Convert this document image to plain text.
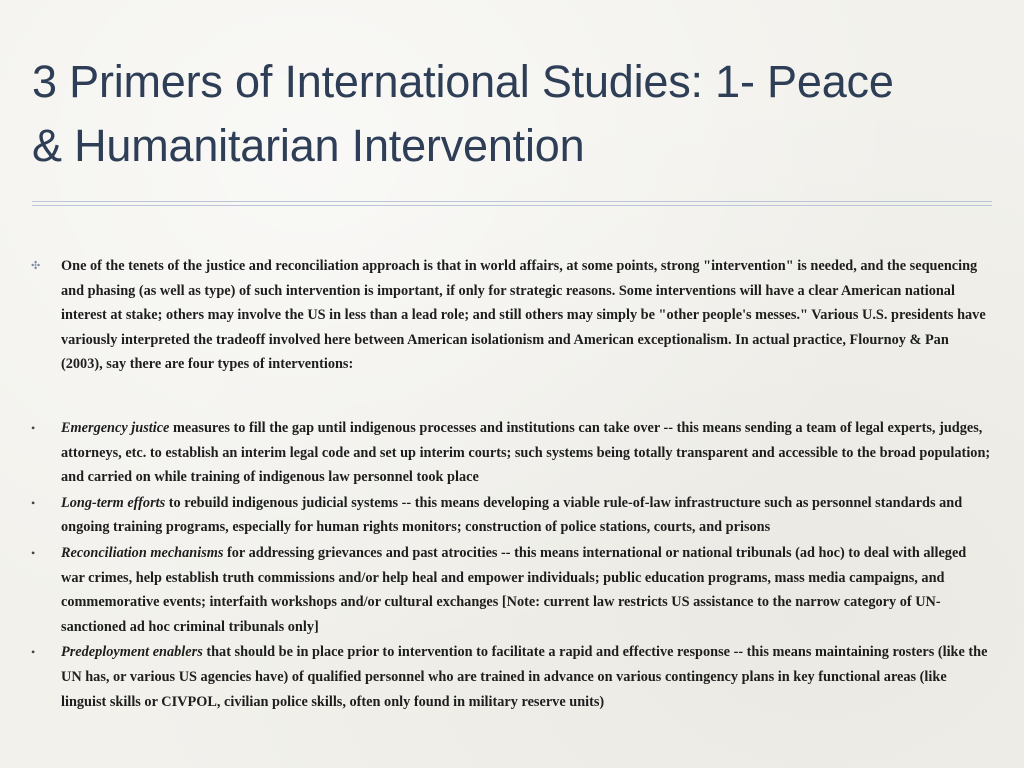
3 Primers of International Studies: 1- Peace
& Humanitarian Intervention

✣ One of the tenets of the justice and reconciliation approach is that in world affairs, at some points, strong "intervention" is needed, and the sequencing and phasing (as well as type) of such intervention is important, if only for strategic reasons. Some interventions will have a clear American national interest at stake; others may involve the US in less than a lead role; and still others may simply be "other people's messes." Various U.S. presidents have variously interpreted the tradeoff involved here between American isolationism and American exceptionalism. In actual practice, Flournoy & Pan (2003), say there are four types of interventions:

• Emergency justice measures to fill the gap until indigenous processes and institutions can take over -- this means sending a team of legal experts, judges, attorneys, etc. to establish an interim legal code and set up interim courts; such systems being totally transparent and accessible to the broad population; and carried on while training of indigenous law personnel took place
• Long-term efforts to rebuild indigenous judicial systems -- this means developing a viable rule-of-law infrastructure such as personnel standards and ongoing training programs, especially for human rights monitors; construction of police stations, courts, and prisons
• Reconciliation mechanisms for addressing grievances and past atrocities -- this means international or national tribunals (ad hoc) to deal with alleged war crimes, help establish truth commissions and/or help heal and empower individuals; public education programs, mass media campaigns, and commemorative events; interfaith workshops and/or cultural exchanges [Note: current law restricts US assistance to the narrow category of UN-sanctioned ad hoc criminal tribunals only]
• Predeployment enablers that should be in place prior to intervention to facilitate a rapid and effective response -- this means maintaining rosters (like the UN has, or various US agencies have) of qualified personnel who are trained in advance on various contingency plans in key functional areas (like linguist skills or CIVPOL, civilian police skills, often only found in military reserve units)
